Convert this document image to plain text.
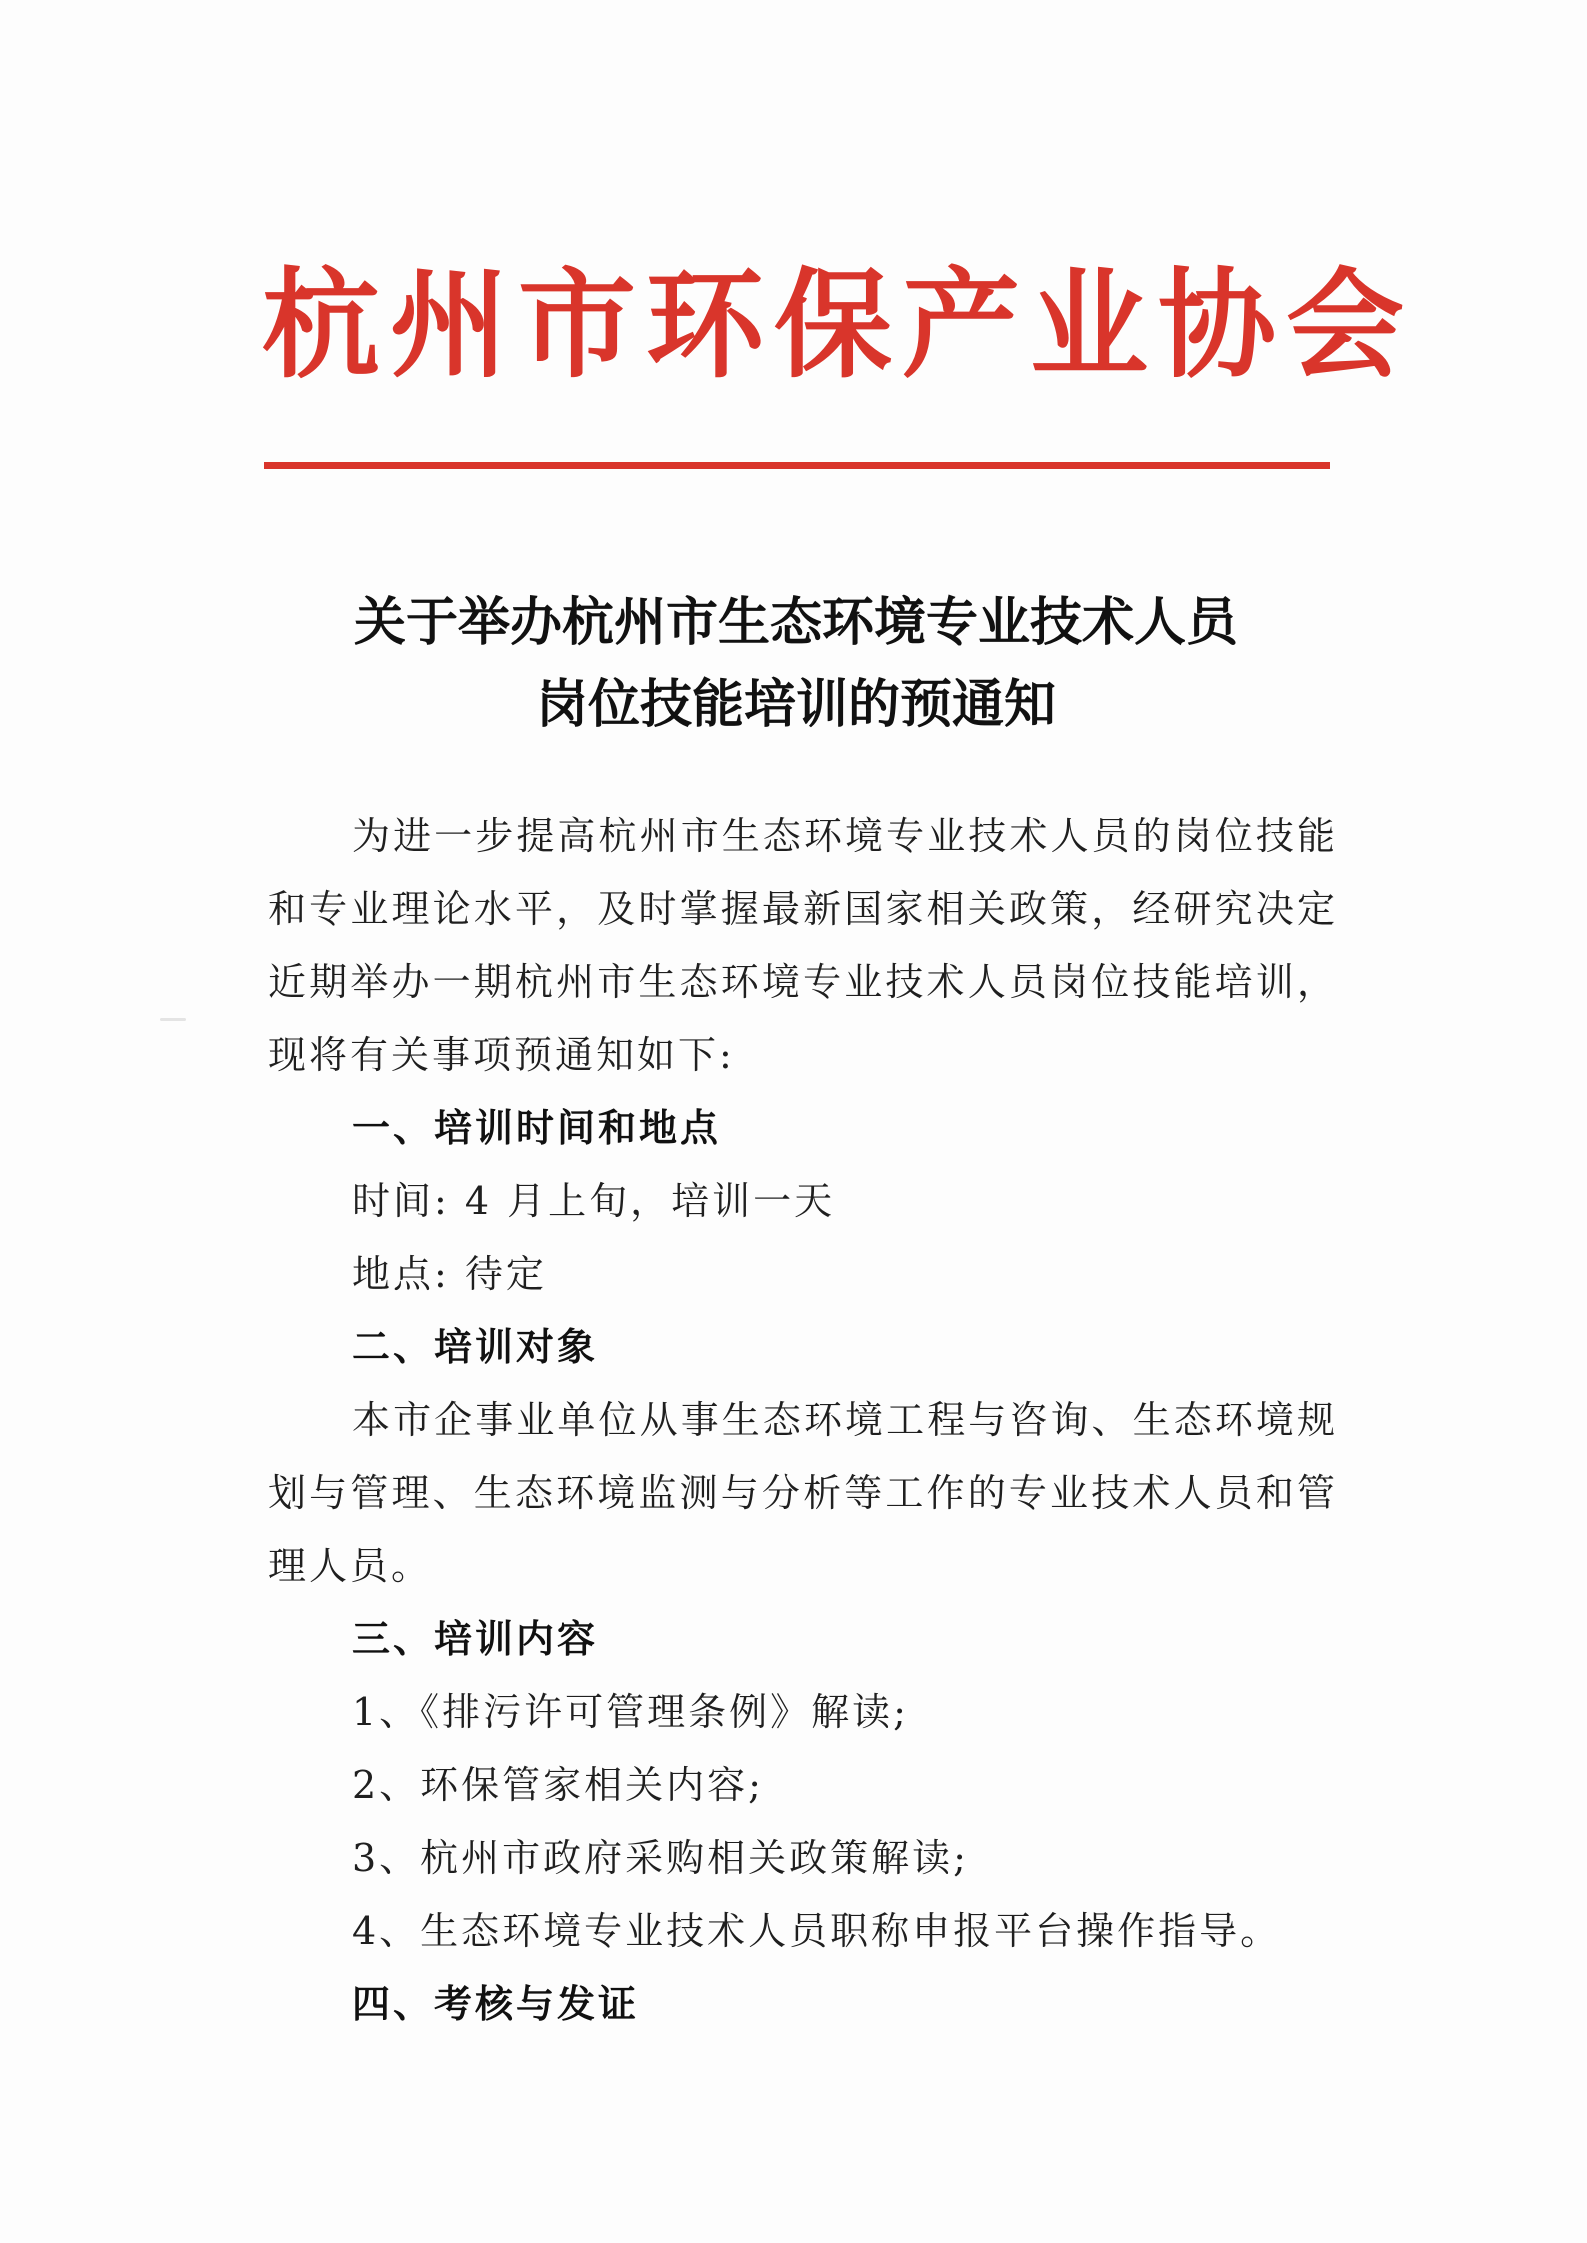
杭州市环保产业协会
关于举办杭州市生态环境专业技术人员
岗位技能培训的预通知

为进一步提高杭州市生态环境专业技术人员的岗位技能和专业理论水平，及时掌握最新国家相关政策，经研究决定近期举办一期杭州市生态环境专业技术人员岗位技能培训，现将有关事项预通知如下:

一、培训时间和地点

时间: 4 月上旬，培训一天

地点: 待定

二、培训对象

本市企事业单位从事生态环境工程与咨询、生态环境规划与管理、生态环境监测与分析等工作的专业技术人员和管理人员。

三、培训内容

1、《排污许可管理条例》解读;

2、环保管家相关内容;

3、杭州市政府采购相关政策解读;

4、生态环境专业技术人员职称申报平台操作指导。

四、考核与发证
